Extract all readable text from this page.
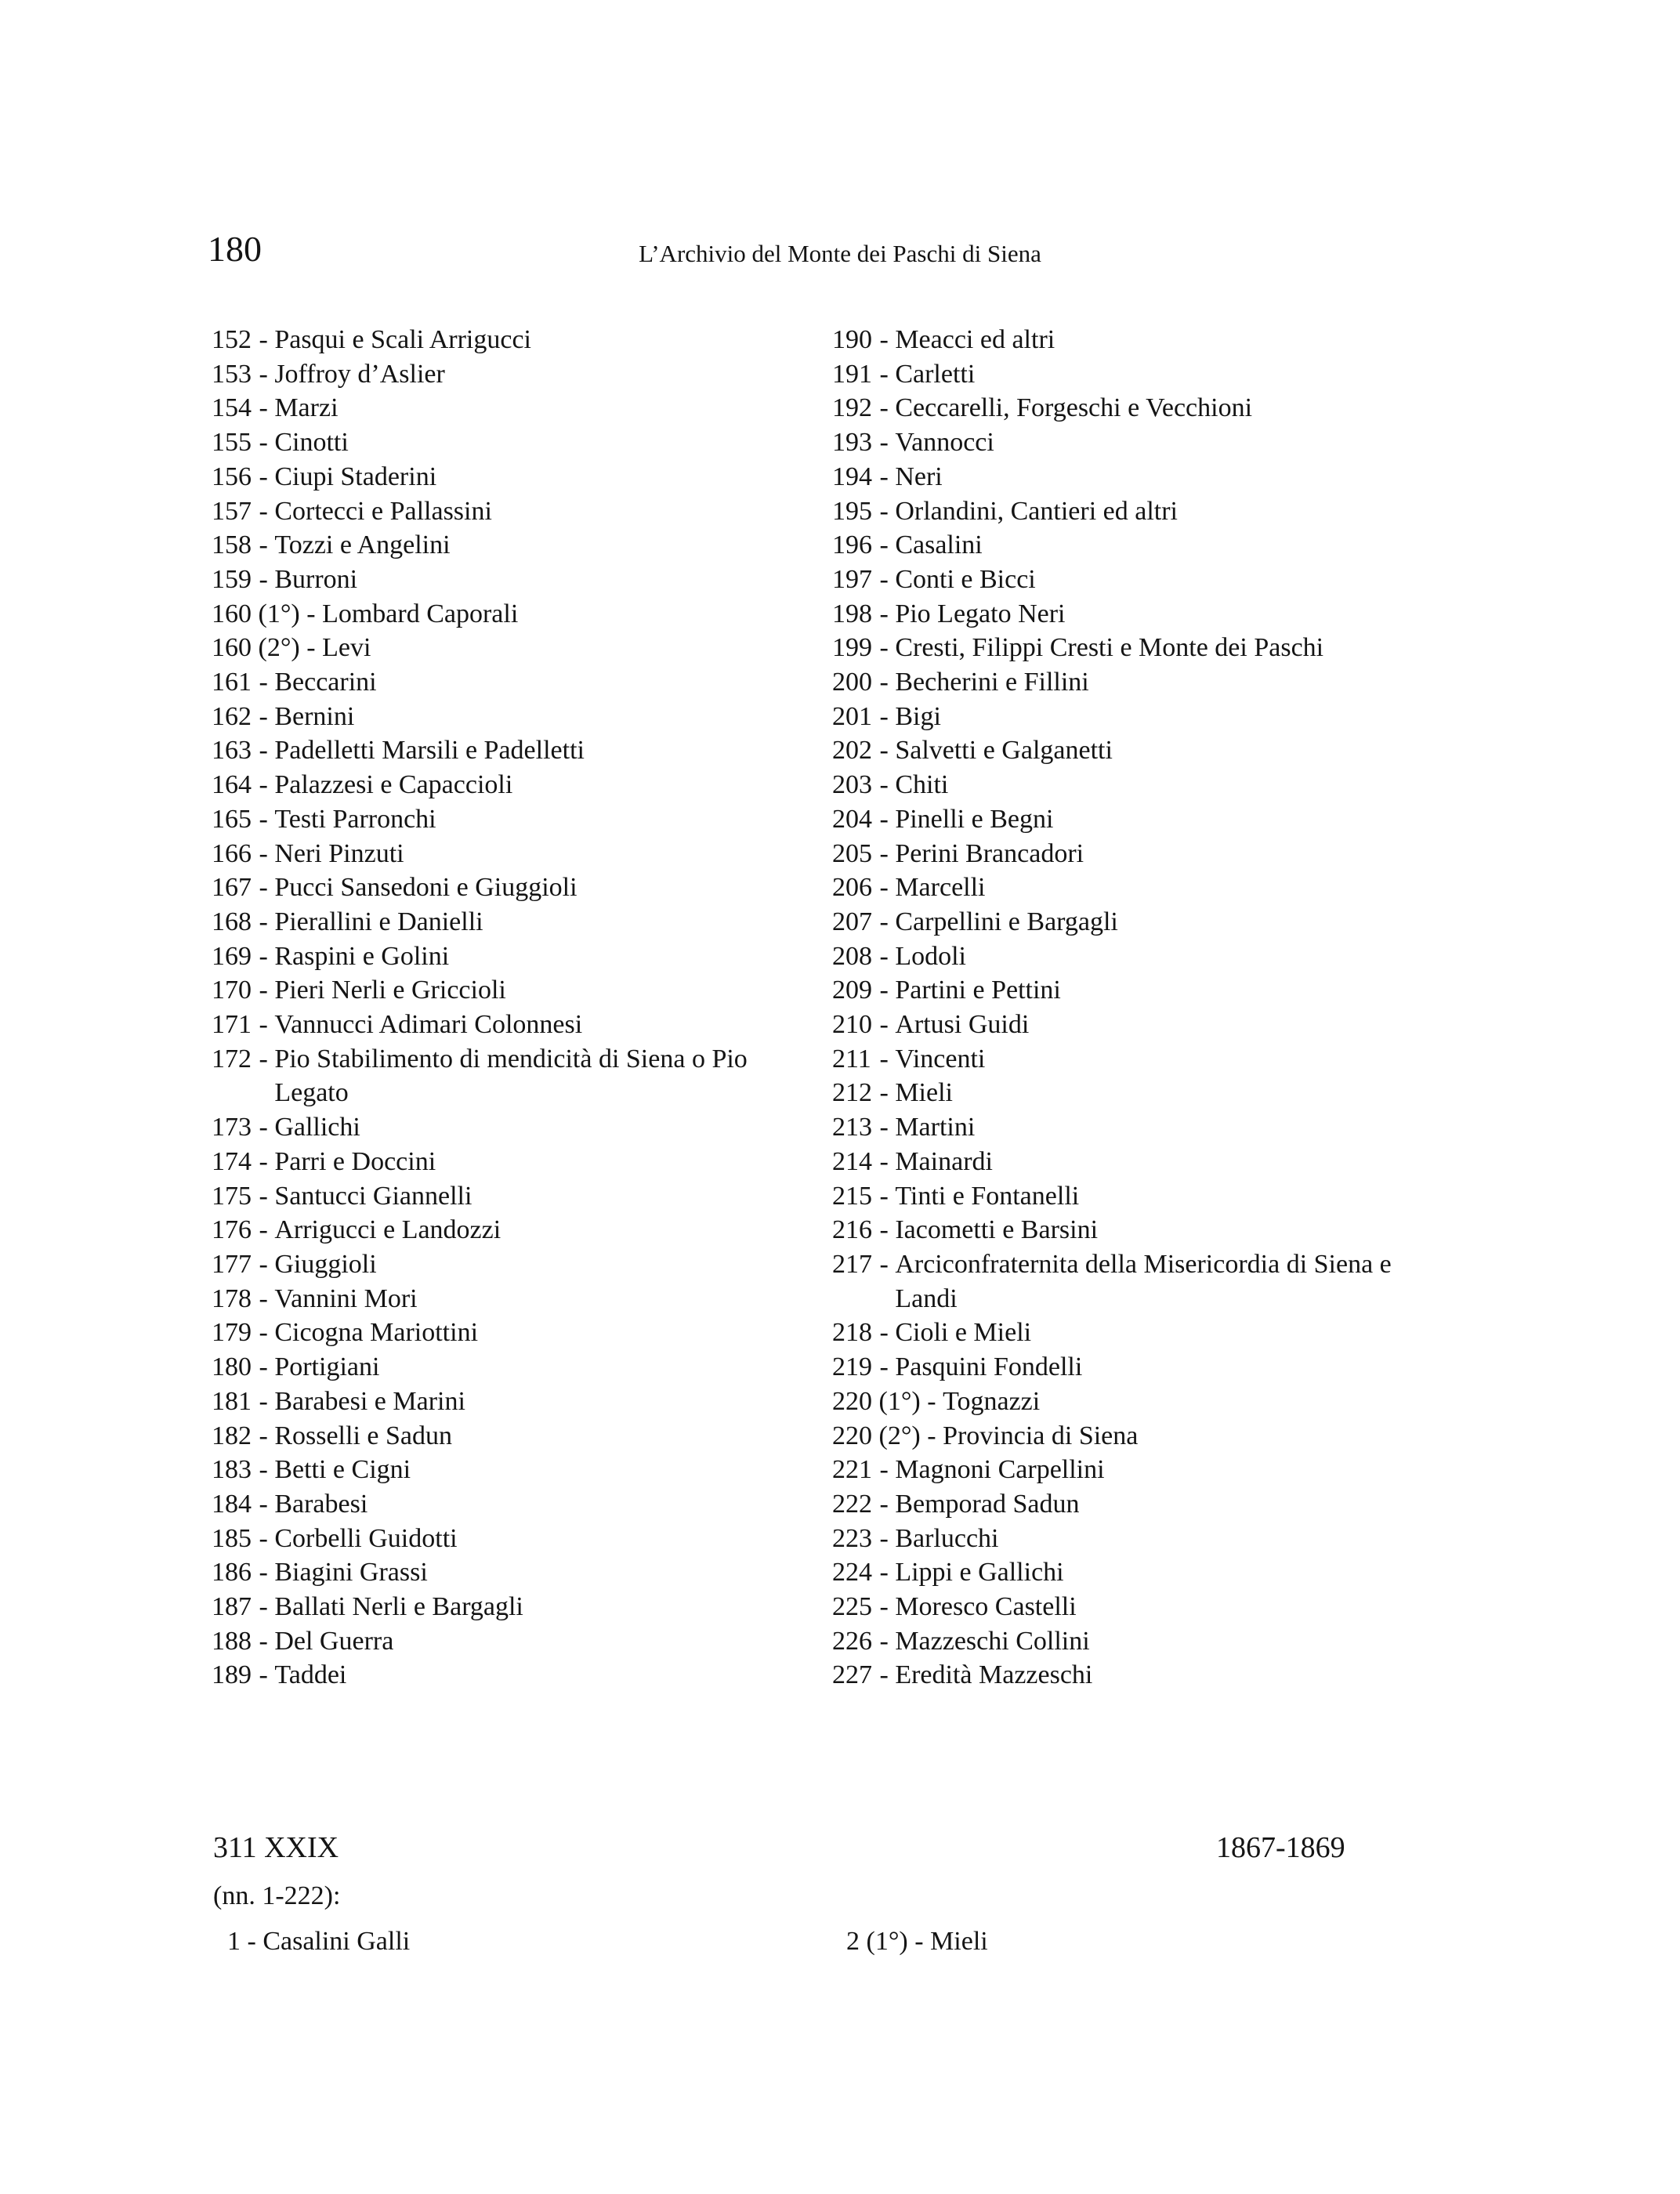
180	L’Archivio del Monte dei Paschi di Siena
152 - Pasqui e Scali Arrigucci
153 - Joffroy d’Aslier
154 - Marzi
155 - Cinotti
156 - Ciupi Staderini
157 - Cortecci e Pallassini
158 - Tozzi e Angelini
159 - Burroni
160 (1°) - Lombard Caporali
160 (2°) - Levi
161 - Beccarini
162 - Bernini
163 - Padelletti Marsili e Padelletti
164 - Palazzesi e Capaccioli
165 - Testi Parronchi
166 - Neri Pinzuti
167 - Pucci Sansedoni e Giuggioli
168 - Pierallini e Danielli
169 - Raspini e Golini
170 - Pieri Nerli e Griccioli
171 - Vannucci Adimari Colonnesi
172 - Pio Stabilimento di mendicità di Siena o Pio Legato
173 - Gallichi
174 - Parri e Doccini
175 - Santucci Giannelli
176 - Arrigucci e Landozzi
177 - Giuggioli
178 - Vannini Mori
179 - Cicogna Mariottini
180 - Portigiani
181 - Barabesi e Marini
182 - Rosselli e Sadun
183 - Betti e Cigni
184 - Barabesi
185 - Corbelli Guidotti
186 - Biagini Grassi
187 - Ballati Nerli e Bargagli
188 - Del Guerra
189 - Taddei
190 - Meacci ed altri
191 - Carletti
192 - Ceccarelli, Forgeschi e Vecchioni
193 - Vannocci
194 - Neri
195 - Orlandini, Cantieri ed altri
196 - Casalini
197 - Conti e Bicci
198 - Pio Legato Neri
199 - Cresti, Filippi Cresti e Monte dei Paschi
200 - Becherini e Fillini
201 - Bigi
202 - Salvetti e Galganetti
203 - Chiti
204 - Pinelli e Begni
205 - Perini Brancadori
206 - Marcelli
207 - Carpellini e Bargagli
208 - Lodoli
209 - Partini e Pettini
210 - Artusi Guidi
211 - Vincenti
212 - Mieli
213 - Martini
214 - Mainardi
215 - Tinti e Fontanelli
216 - Iacometti e Barsini
217 - Arciconfraternita della Misericordia di Siena e Landi
218 - Cioli e Mieli
219 - Pasquini Fondelli
220 (1°) - Tognazzi
220 (2°) - Provincia di Siena
221 - Magnoni Carpellini
222 - Bemporad Sadun
223 - Barlucchi
224 - Lippi e Gallichi
225 - Moresco Castelli
226 - Mazzeschi Collini
227 - Eredità Mazzeschi
311 XXIX	1867-1869
(nn. 1-222):
1 - Casalini Galli	2 (1°) - Mieli
